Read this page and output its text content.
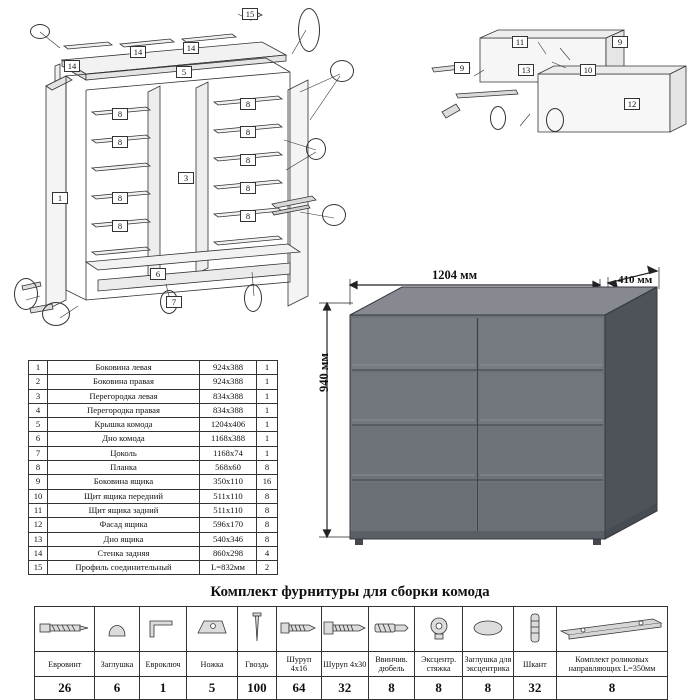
15
14
14	14
5
1
3
8
8
8
8
8
8
8
8
8
6
7
11
9
9
13	10
12
1	Боковина левая	924х388	1
2	Боковина правая	924х388	1
3	Перегородка левая	834х388	1
4	Перегородка правая	834х388	1
5	Крышка комода	1204х406	1
6	Дно комода	1168х388	1
7	Цоколь	1168х74	1
8	Планка	568х60	8
9	Боковина ящика	350х110	16
10	Щит ящика передний	511х110	8
11	Щит ящика задний	511х110	8
12	Фасад ящика	596х170	8
13	Дно ящика	540х346	8
14	Стенка задняя	860х298	4
15	Профиль соединительный	L=832мм	2
1204 мм	410 мм
940 мм
Комплект фурнитуры для сборки комода

Евровинт	Заглушка	Евроключ	Ножка	Гвоздь	Шуруп 4х16	Шуруп 4х30	Ввинчив. дюбель	Эксцентр. стяжка	Заглушка для эксцентрика	Шкант	Комплект роликовых направляющих L=350мм
26	6	1	5	100	64	32	8	8	8	32	8
